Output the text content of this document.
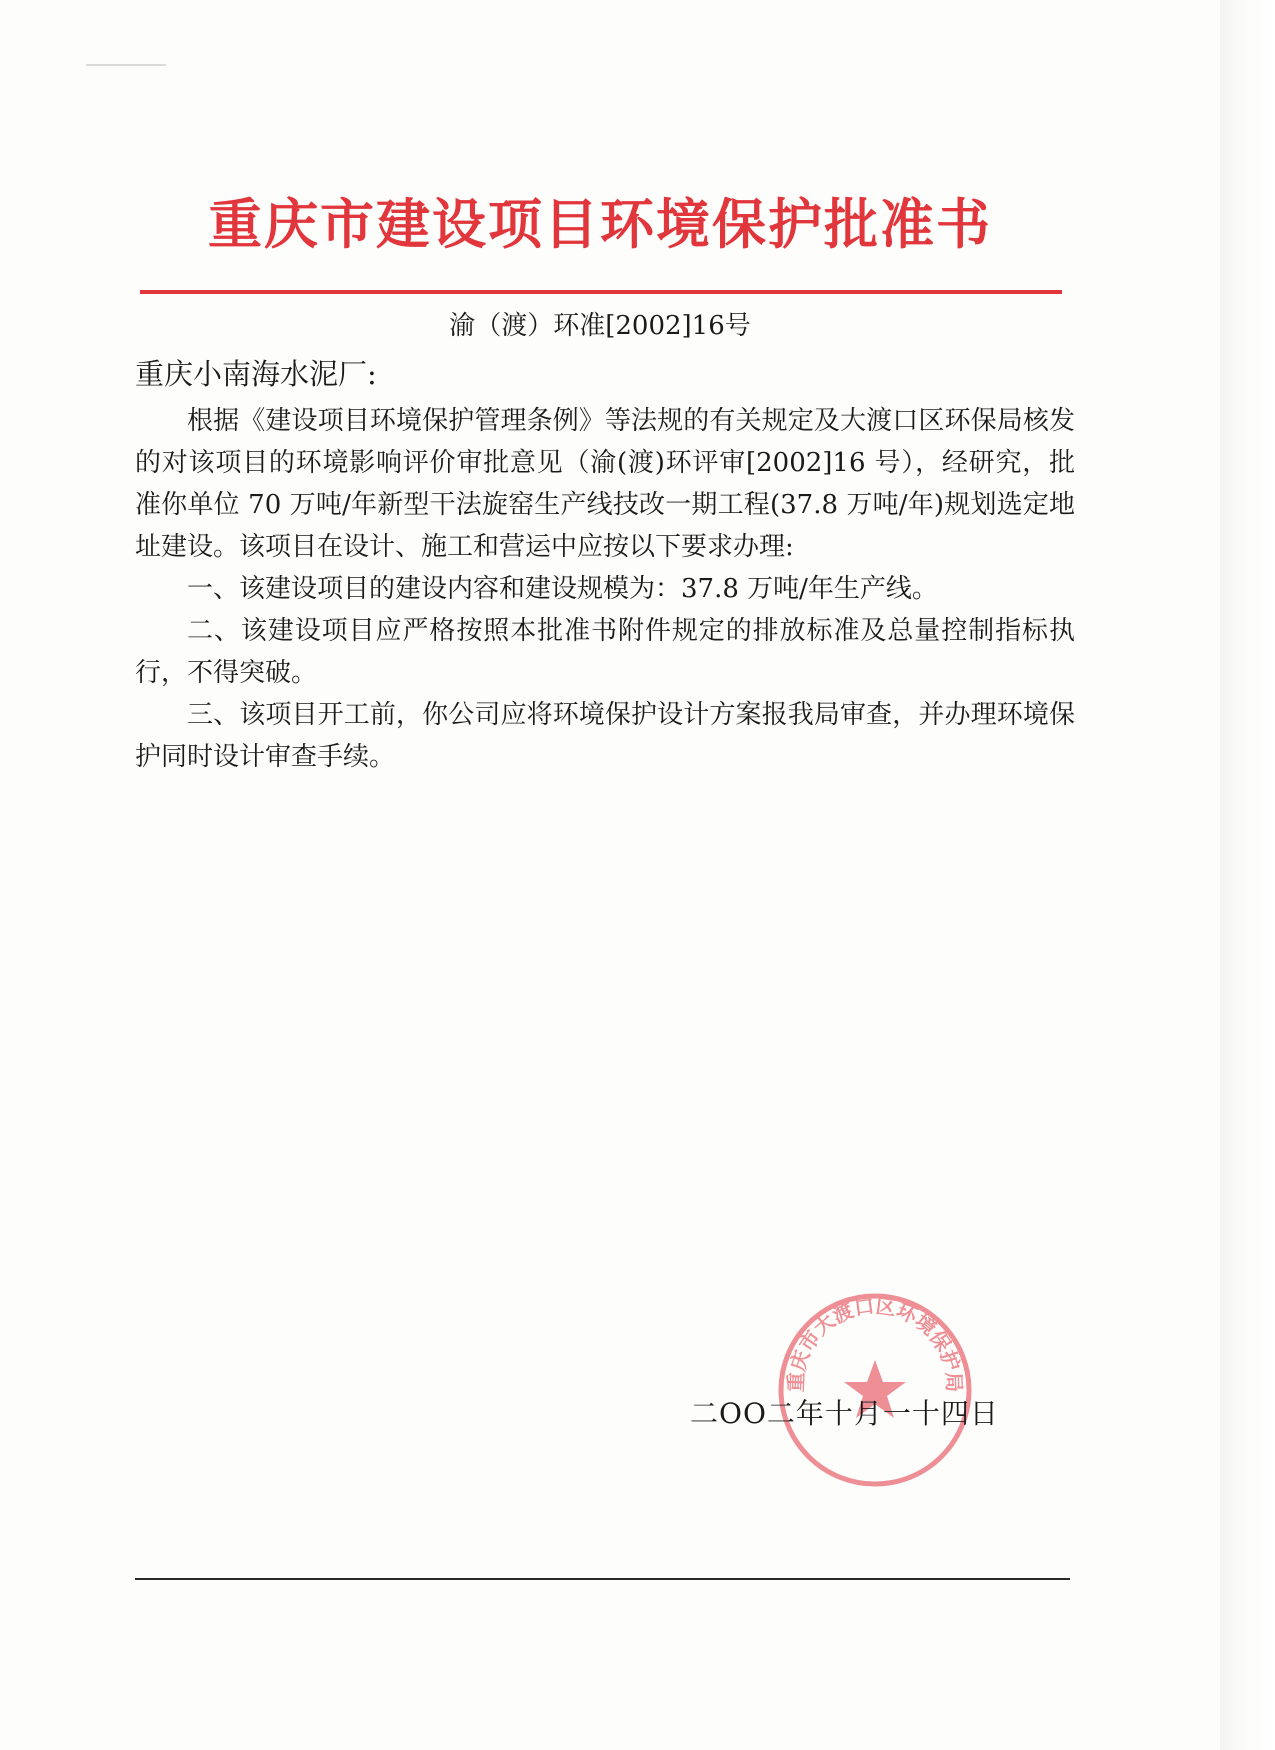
重庆市建设项目环境保护批准书
渝（渡）环准[2002]16号
重庆小南海水泥厂:

根据《建设项目环境保护管理条例》等法规的有关规定及大渡口区环保局核发的对该项目的环境影响评价审批意见（渝(渡)环评审[2002]16 号），经研究，批准你单位 70 万吨/年新型干法旋窑生产线技改一期工程(37.8 万吨/年)规划选定地址建设。该项目在设计、施工和营运中应按以下要求办理:

一、该建设项目的建设内容和建设规模为：37.8 万吨/年生产线。

二、该建设项目应严格按照本批准书附件规定的排放标准及总量控制指标执行，不得突破。

三、该项目开工前，你公司应将环境保护设计方案报我局审查，并办理环境保护同时设计审查手续。

重庆市大渡口区环境保护局
二OO二年十月一十四日
